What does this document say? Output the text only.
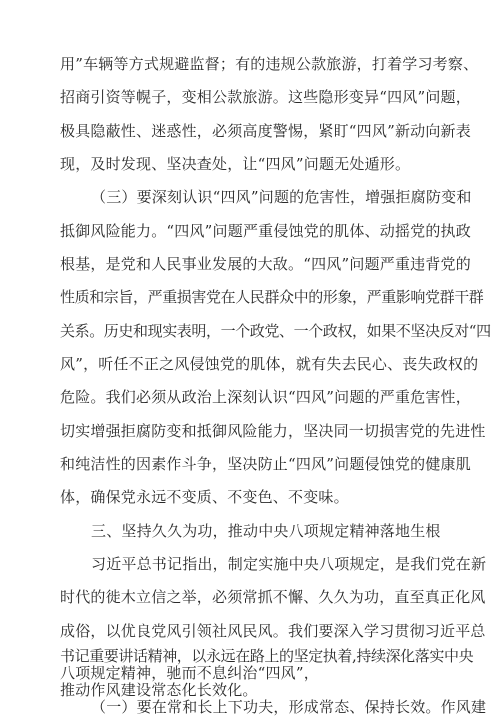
用”车辆等方式规避监督；有的违规公款旅游，打着学习考察、
招商引资等幌子，变相公款旅游。这些隐形变异“四风”问题，
极具隐蔽性、迷惑性，必须高度警惕，紧盯“四风”新动向新表
现，及时发现、坚决查处，让“四风”问题无处遁形。
（三）要深刻认识“四风”问题的危害性，增强拒腐防变和
抵御风险能力。“四风”问题严重侵蚀党的肌体、动摇党的执政
根基，是党和人民事业发展的大敌。“四风”问题严重违背党的
性质和宗旨，严重损害党在人民群众中的形象，严重影响党群干群
关系。历史和现实表明，一个政党、一个政权，如果不坚决反对“四
风”，听任不正之风侵蚀党的肌体，就有失去民心、丧失政权的
危险。我们必须从政治上深刻认识“四风”问题的严重危害性，
切实增强拒腐防变和抵御风险能力，坚决同一切损害党的先进性
和纯洁性的因素作斗争，坚决防止“四风”问题侵蚀党的健康肌
体，确保党永远不变质、不变色、不变味。
三、坚持久久为功，推动中央八项规定精神落地生根
习近平总书记指出，制定实施中央八项规定，是我们党在新
时代的徙木立信之举，必须常抓不懈、久久为功，直至真正化风
成俗，以优良党风引领社风民风。我们要深入学习贯彻习近平总
书记重要讲话精神，以永远在路上的坚定执着,持续深化落实中央
八项规定精神，驰而不息纠治“四风”，
推动作风建设常态化长效化。
（一）要在常和长上下功夫，形成常态、保持长效。作风建
